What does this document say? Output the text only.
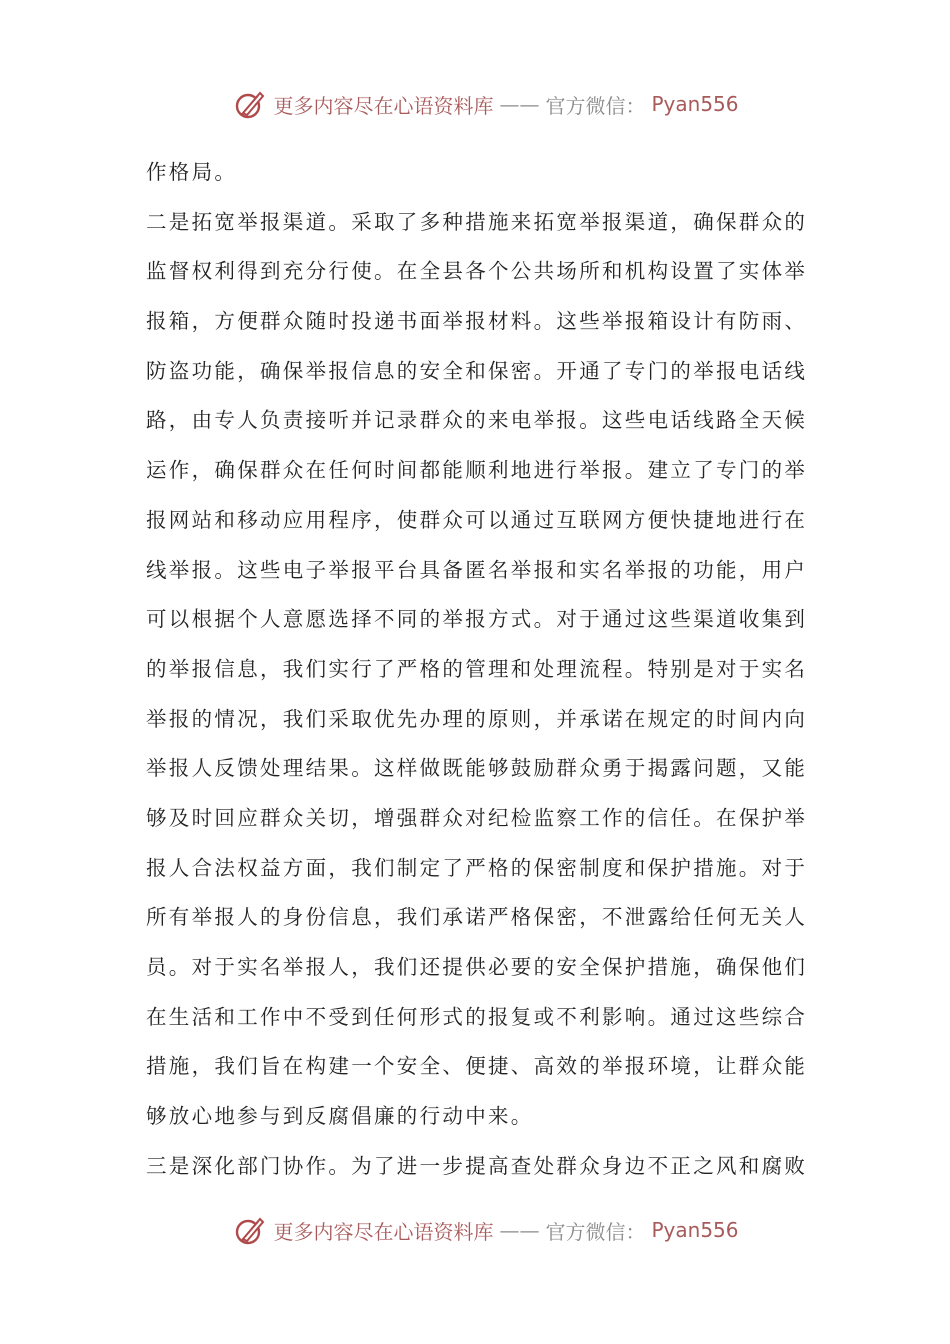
更多内容尽在心语资料库 —— 官方微信： Pyan556
作格局。
二是拓宽举报渠道。采取了多种措施来拓宽举报渠道，确保群众的
监督权利得到充分行使。在全县各个公共场所和机构设置了实体举
报箱，方便群众随时投递书面举报材料。这些举报箱设计有防雨、
防盗功能，确保举报信息的安全和保密。开通了专门的举报电话线
路，由专人负责接听并记录群众的来电举报。这些电话线路全天候
运作，确保群众在任何时间都能顺利地进行举报。建立了专门的举
报网站和移动应用程序，使群众可以通过互联网方便快捷地进行在
线举报。这些电子举报平台具备匿名举报和实名举报的功能，用户
可以根据个人意愿选择不同的举报方式。对于通过这些渠道收集到
的举报信息，我们实行了严格的管理和处理流程。特别是对于实名
举报的情况，我们采取优先办理的原则，并承诺在规定的时间内向
举报人反馈处理结果。这样做既能够鼓励群众勇于揭露问题，又能
够及时回应群众关切，增强群众对纪检监察工作的信任。在保护举
报人合法权益方面，我们制定了严格的保密制度和保护措施。对于
所有举报人的身份信息，我们承诺严格保密，不泄露给任何无关人
员。对于实名举报人，我们还提供必要的安全保护措施，确保他们
在生活和工作中不受到任何形式的报复或不利影响。通过这些综合
措施，我们旨在构建一个安全、便捷、高效的举报环境，让群众能
够放心地参与到反腐倡廉的行动中来。
三是深化部门协作。为了进一步提高查处群众身边不正之风和腐败
更多内容尽在心语资料库 —— 官方微信： Pyan556
